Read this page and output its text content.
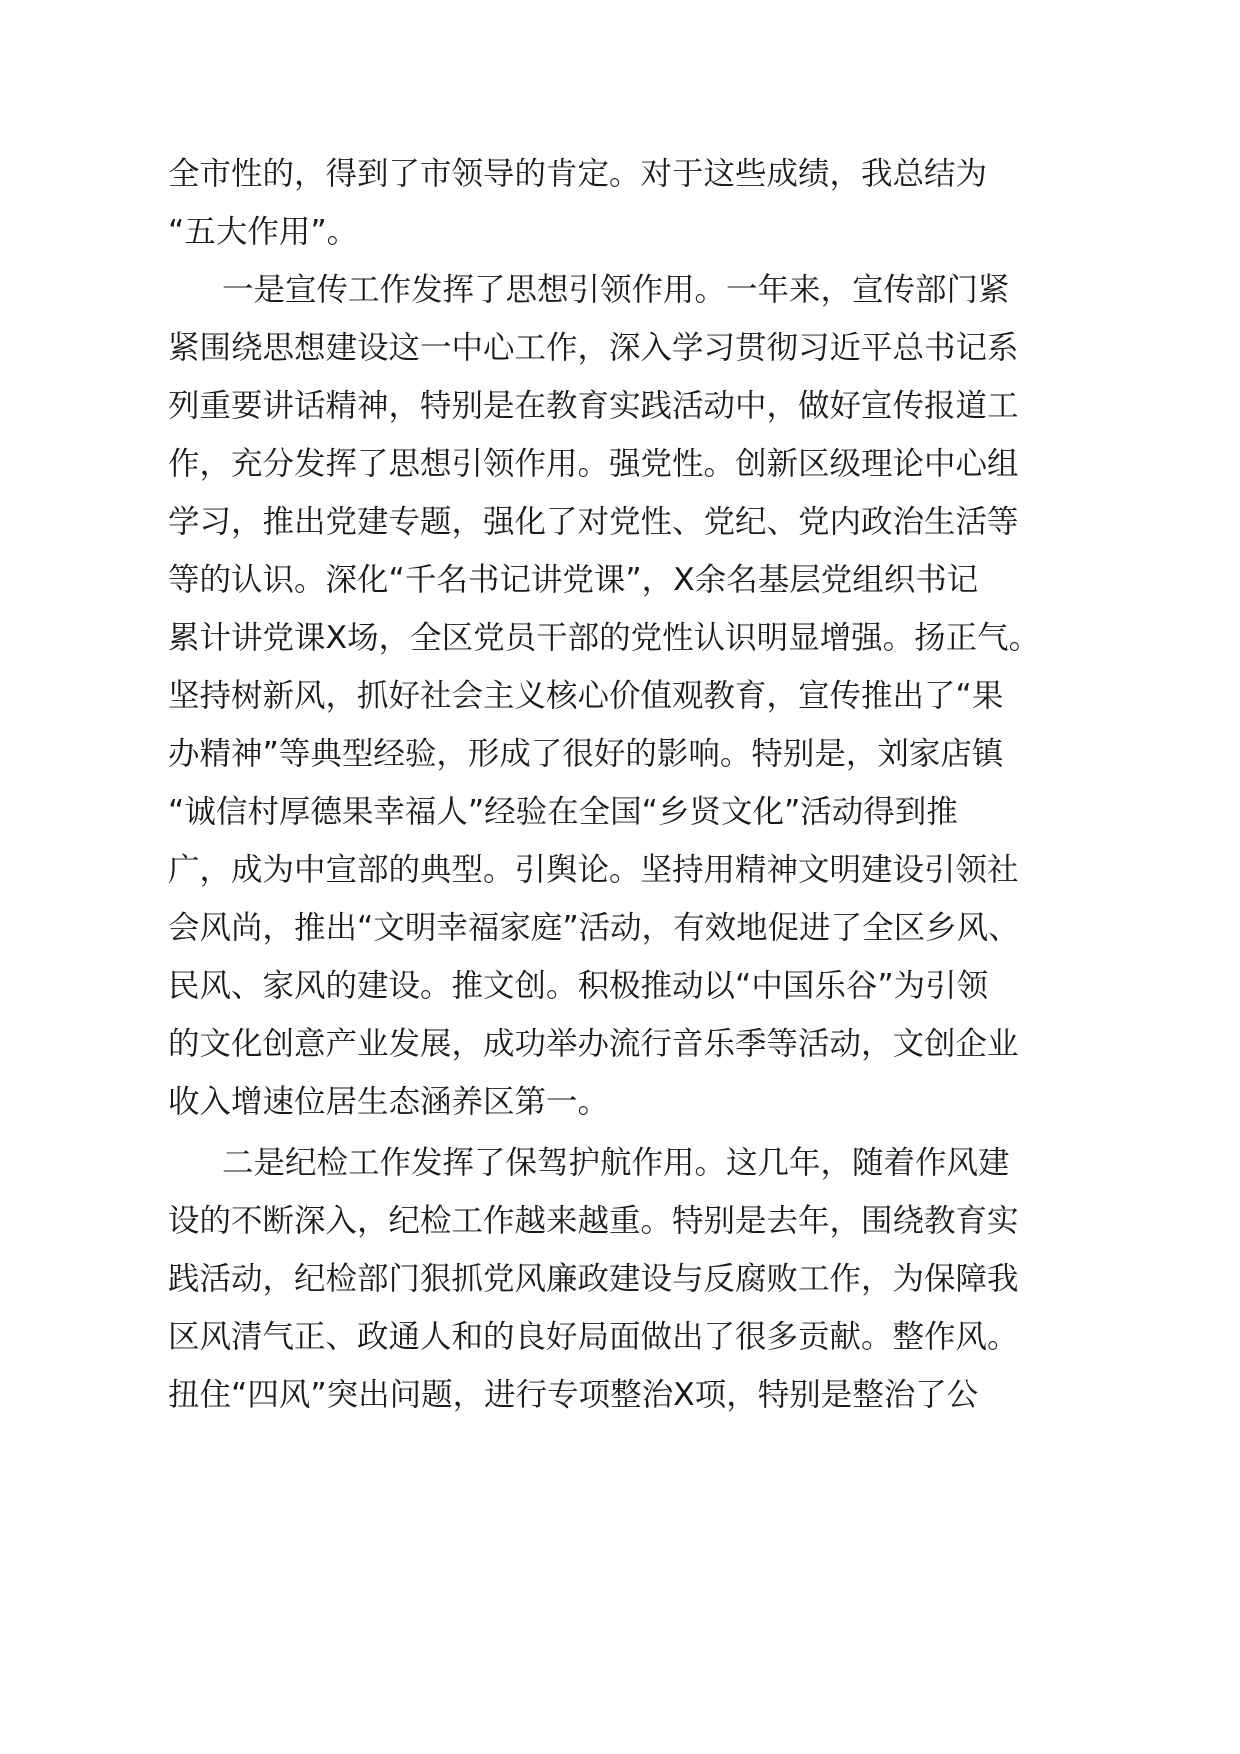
全市性的，得到了市领导的肯定。对于这些成绩，我总结为
“五大作用”。
一是宣传工作发挥了思想引领作用。一年来，宣传部门紧
紧围绕思想建设这一中心工作，深入学习贯彻习近平总书记系
列重要讲话精神，特别是在教育实践活动中，做好宣传报道工
作，充分发挥了思想引领作用。强党性。创新区级理论中心组
学习，推出党建专题，强化了对党性、党纪、党内政治生活等
等的认识。深化“千名书记讲党课”，X余名基层党组织书记
累计讲党课X场，全区党员干部的党性认识明显增强。扬正气。
坚持树新风，抓好社会主义核心价值观教育，宣传推出了“果
办精神”等典型经验，形成了很好的影响。特别是，刘家店镇
“诚信村厚德果幸福人”经验在全国“乡贤文化”活动得到推
广，成为中宣部的典型。引舆论。坚持用精神文明建设引领社
会风尚，推出“文明幸福家庭”活动，有效地促进了全区乡风、
民风、家风的建设。推文创。积极推动以“中国乐谷”为引领
的文化创意产业发展，成功举办流行音乐季等活动，文创企业
收入增速位居生态涵养区第一。
二是纪检工作发挥了保驾护航作用。这几年，随着作风建
设的不断深入，纪检工作越来越重。特别是去年，围绕教育实
践活动，纪检部门狠抓党风廉政建设与反腐败工作，为保障我
区风清气正、政通人和的良好局面做出了很多贡献。整作风。
扭住“四风”突出问题，进行专项整治X项，特别是整治了公
